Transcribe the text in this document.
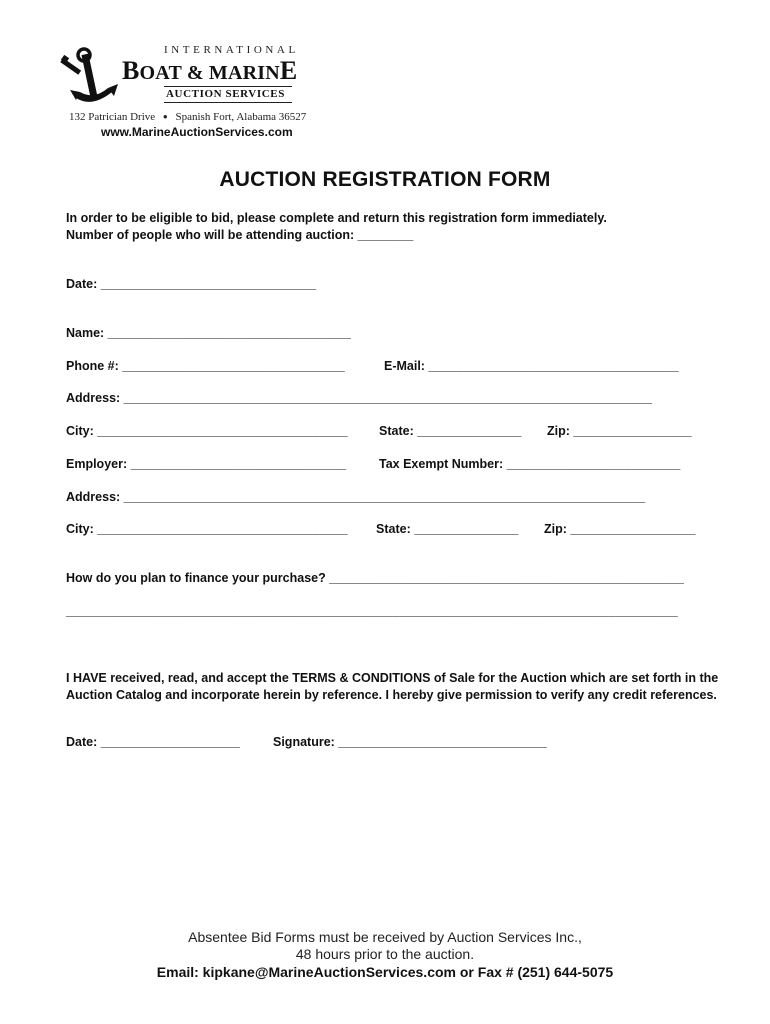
INTERNATIONAL
BOAT & MARINE
AUCTION SERVICES
132 Patrician Drive ● Spanish Fort, Alabama 36527
www.MarineAuctionServices.com
AUCTION REGISTRATION FORM
In order to be eligible to bid, please complete and return this registration form immediately.
Number of people who will be attending auction: ________
Date: _______________________________
Name: ___________________________________
Phone #: ________________________________	E-Mail: ____________________________________
Address: ____________________________________________________________________________
City: ____________________________________	State: _______________ Zip: _________________
Employer: _______________________________	Tax Exempt Number: _________________________
Address: ___________________________________________________________________________
City: ____________________________________ State: _______________ Zip: __________________
How do you plan to finance your purchase? ___________________________________________________
________________________________________________________________________________________
I HAVE received, read, and accept the TERMS & CONDITIONS of Sale for the Auction which are set forth in the Auction Catalog and incorporate herein by reference. I hereby give permission to verify any credit references.
Date: ____________________	Signature: ______________________________
Absentee Bid Forms must be received by Auction Services Inc.,
48 hours prior to the auction.
Email: kipkane@MarineAuctionServices.com or Fax # (251) 644-5075
